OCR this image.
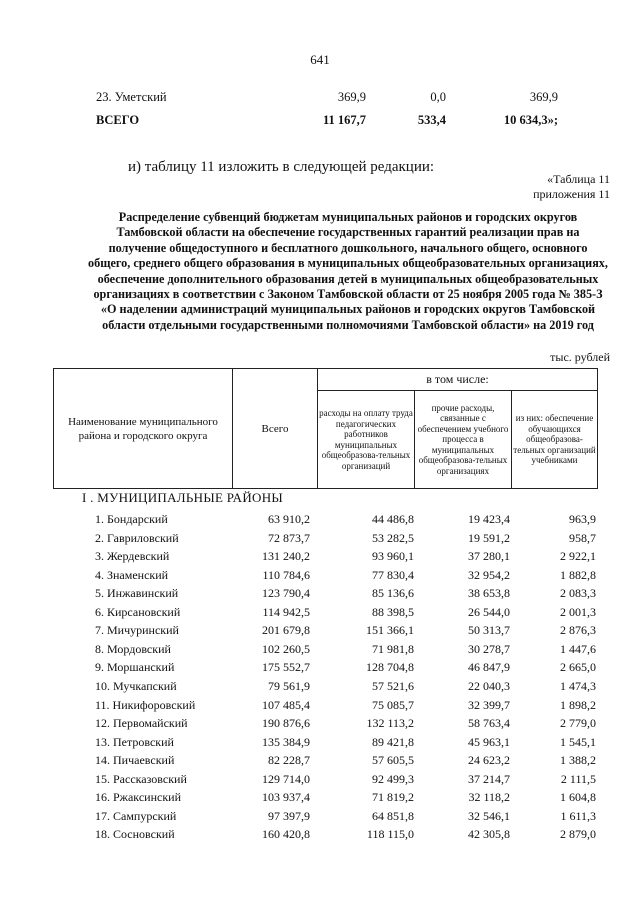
641
23. Уметский	369,9	0,0	369,9
ВСЕГО	11 167,7	533,4	10 634,3»;
и) таблицу 11 изложить в следующей редакции:
«Таблица 11
приложения 11
Распределение субвенций бюджетам муниципальных районов и городских округов Тамбовской области на обеспечение государственных гарантий реализации прав на получение общедоступного и бесплатного дошкольного, начального общего, основного общего, среднего общего образования в муниципальных общеобразовательных организациях, обеспечение дополнительного образования детей в муниципальных общеобразовательных организациях в соответствии с Законом Тамбовской области от 25 ноября 2005 года № 385-З «О наделении администраций муниципальных районов и городских округов Тамбовской области отдельными государственными полномочиями Тамбовской области» на 2019 год
тыс. рублей
Наименование муниципального района и городского округа	Всего	в том числе:		

		расходы на оплату труда педагогических работников муниципальных общеобразова-тельных организаций	прочие расходы, связанные с обеспечением учебного процесса в муниципальных общеобразова-тельных организациях	из них: обеспечение обучающихся общеобразова-тельных организаций учебниками
I . МУНИЦИПАЛЬНЫЕ РАЙОНЫ
1. Бондарский	63 910,2	44 486,8	19 423,4	963,9
2. Гавриловский	72 873,7	53 282,5	19 591,2	958,7
3. Жердевский	131 240,2	93 960,1	37 280,1	2 922,1
4. Знаменский	110 784,6	77 830,4	32 954,2	1 882,8
5. Инжавинский	123 790,4	85 136,6	38 653,8	2 083,3
6. Кирсановский	114 942,5	88 398,5	26 544,0	2 001,3
7. Мичуринский	201 679,8	151 366,1	50 313,7	2 876,3
8. Мордовский	102 260,5	71 981,8	30 278,7	1 447,6
9. Моршанский	175 552,7	128 704,8	46 847,9	2 665,0
10. Мучкапский	79 561,9	57 521,6	22 040,3	1 474,3
11. Никифоровский	107 485,4	75 085,7	32 399,7	1 898,2
12. Первомайский	190 876,6	132 113,2	58 763,4	2 779,0
13. Петровский	135 384,9	89 421,8	45 963,1	1 545,1
14. Пичаевский	82 228,7	57 605,5	24 623,2	1 388,2
15. Рассказовский	129 714,0	92 499,3	37 214,7	2 111,5
16. Ржаксинский	103 937,4	71 819,2	32 118,2	1 604,8
17. Сампурский	97 397,9	64 851,8	32 546,1	1 611,3
18. Сосновский	160 420,8	118 115,0	42 305,8	2 879,0
